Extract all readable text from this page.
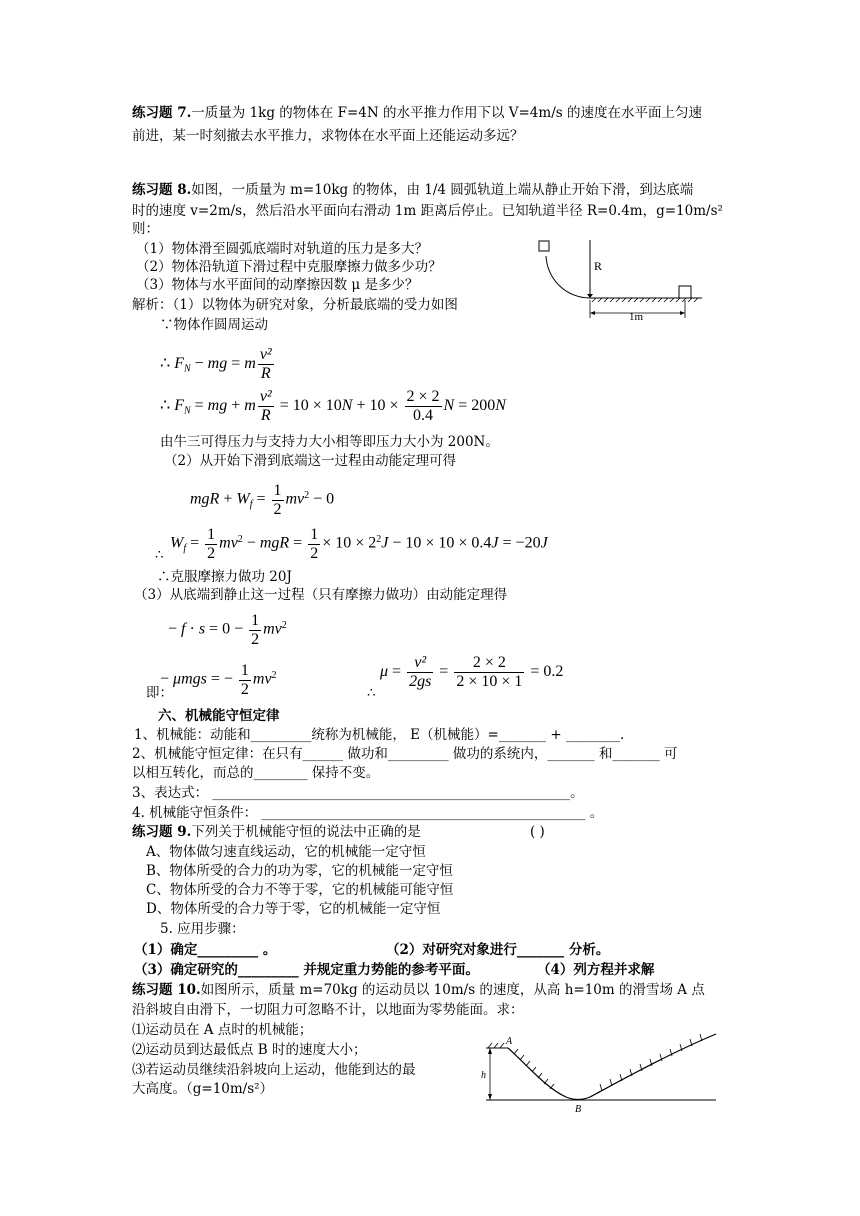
练习题 7.一质量为 1kg 的物体在 F=4N 的水平推力作用下以 V=4m/s 的速度在水平面上匀速
前进，某一时刻撤去水平推力，求物体在水平面上还能运动多远？
练习题 8.如图，一质量为 m=10kg 的物体，由 1/4 圆弧轨道上端从静止开始下滑，到达底端
时的速度 v=2m/s，然后沿水平面向右滑动 1m 距离后停止。已知轨道半径 R=0.4m，g=10m/s²
则：
（1）物体滑至圆弧底端时对轨道的压力是多大？
（2）物体沿轨道下滑过程中克服摩擦力做多少功？
（3）物体与水平面间的动摩擦因数 μ 是多少？
解析：（1）以物体为研究对象，分析最底端的受力如图
∵物体作圆周运动
R
1m
∴ $F_N$ − mg = m $\frac{\text{v²}}{R}$
∴ $F_N$ = mg + m $\frac{\text{v²}}{R} = 10 \times 10N + 10 \times \frac{2 \times 2}{0.4}$ N = 200N
由牛三可得压力与支持力大小相等即压力大小为 200N。
（2）从开始下滑到底端这一过程由动能定理可得
mgR + $W_f = \frac{1}{2} mv^2 - 0$
$W_f = \frac{1}{2} mv^2$ − mgR = $\frac{1}{2} \times 10 \times 2^2J - 10 \times 10 \times 0.4J = -20J$
∴
∴克服摩擦力做功 20J
（3）从底端到静止这一过程（只有摩擦力做功）由动能定理得
− $f \cdot s = 0 - \frac{1}{2} mv^2$
− μmgs = − $\frac{1}{2} mv^2$	$\mu = \frac{\text{v²}}{2gs} = \frac{2 \times 2}{2 \times 10 \times 1} = 0.2$
即：	∴
六、机械能守恒定律
1、机械能：动能和_________统称为机械能， E（机械能）=_______ + ________.
2、机械能守恒定律：在只有______ 做功和_________ 做功的系统内，_______ 和_______ 可
以相互转化，而总的________ 保持不变。
3、表达式： _____________________________________________________。
4. 机械能守恒条件： ________________________________________________ 。
练习题 9.下列关于机械能守恒的说法中正确的是	( )
A、物体做匀速直线运动，它的机械能一定守恒
B、物体所受的合力的功为零，它的机械能一定守恒
C、物体所受的合力不等于零，它的机械能可能守恒
D、物体所受的合力等于零，它的机械能一定守恒
5. 应用步骤：
（1）确定_________ 。	（2）对研究对象进行_______ 分析。
（3）确定研究的_________ 并规定重力势能的参考平面。	（4）列方程并求解
练习题 10.如图所示，质量 m=70kg 的运动员以 10m/s 的速度，从高 h=10m 的滑雪场 A 点
沿斜坡自由滑下，一切阻力可忽略不计，以地面为零势能面。求：
⑴运动员在 A 点时的机械能；
⑵运动员到达最低点 B 时的速度大小；
⑶若运动员继续沿斜坡向上运动，他能到达的最
大高度。（g=10m/s²）
h
A
B
